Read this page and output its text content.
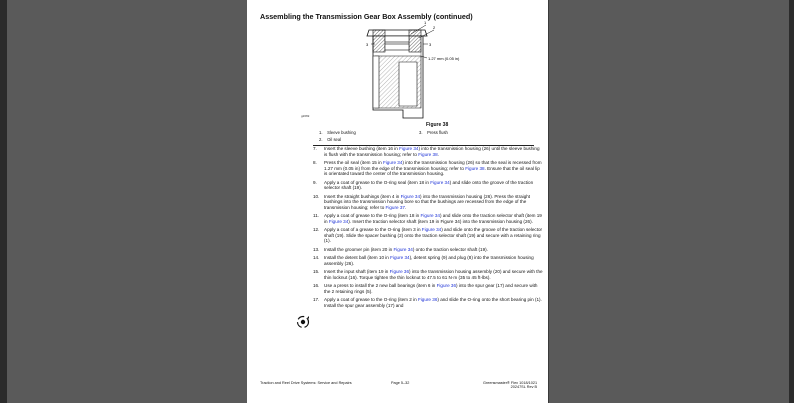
Assembling the Transmission Gear Box Assembly (continued)
1
2
3	3
1.27 mm (0.05 in)
g2669
Figure 38
1. Sleeve bushing
2. Oil seal
3. Press flush
7.	Insert the sleeve bushing (item 16 in Figure 34) into the transmission housing (26) until the sleeve bushing is flush with the transmission housing; refer to Figure 38.
8.	Press the oil seal (item 15 in Figure 34) into the transmission housing (26) so that the seal is recessed from 1.27 mm (0.05 in) from the edge of the transmission housing; refer to Figure 38. Ensure that the oil seal lip is orientated toward the center of the transmission housing.
9.	Apply a coat of grease to the O-ring seal (item 18 in Figure 34) and slide onto the groove of the traction selector shaft (19).
10.	Insert the straight bushings (item 4 in Figure 34) into the transmission housing (26). Press the straight bushings into the transmission housing bore so that the bushings are recessed from the edge of the transmission housing; refer to Figure 37.
11.	Apply a coat of grease to the O-ring (item 18 in Figure 34) and slide onto the traction selector shaft (item 19 in Figure 34). Insert the traction selector shaft (item 19 in Figure 34) into the transmission housing (26).
12.	Apply a coat of a grease to the O-ring (item 3 in Figure 34) and slide onto the groove of the traction selector shaft (19). Slide the spacer bushing (2) onto the traction selector shaft (19) and secure with a retaining ring (1).
13.	Install the groomer pin (item 20 in Figure 34) onto the traction selector shaft (19).
14.	Install the detent ball (item 10 in Figure 34), detent spring (9) and plug (8) into the transmission housing assembly (26).
15.	Insert the input shaft (item 19 in Figure 36) into the transmission housing assembly (20) and secure with the thin locknut (16). Torque tighten the thin locknut to 47.5 to 61 N·m (35 to 45 ft-lbs).
16.	Use a press to install the 2 new ball bearings (item 6 in Figure 36) into the spur gear (17) and secure with the 2 retaining rings (5).
17.	Apply a coat of grease to the O-ring (item 2 in Figure 36) and slide the O-ring onto the short bearing pin (1). Install the spur gear assembly (17) and
Traction and Reel Drive Systems: Service and Repairs	Page 5–32	Greensmaster® Flex 1018/1021
20247SL Rev B
